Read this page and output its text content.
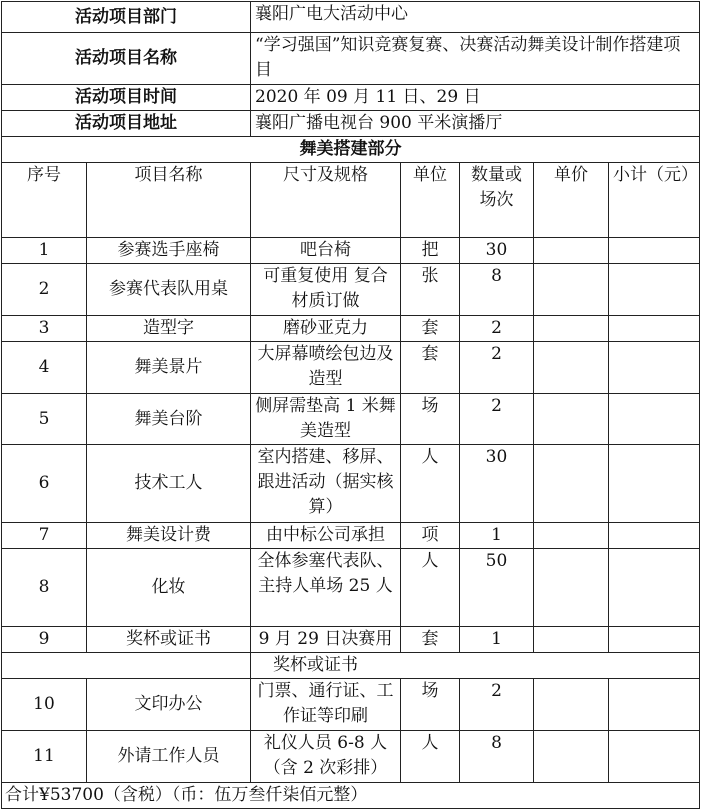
活动项目部门		襄阳广电大活动中心				
活动项目名称		“学习强国”知识竞赛复赛、决赛活动舞美设计制作搭建项目				
活动项目时间		2020 年 09 月 11 日、29 日				
活动项目地址		襄阳广播电视台 900 平米演播厅				
舞美搭建部分						
序号	项目名称	尺寸及规格	单位	数量或场次	单价	小计（元）
1	参赛选手座椅	吧台椅	把	30		
2	参赛代表队用桌	可重复使用 复合材质订做	张	8		
3	造型字	磨砂亚克力	套	2		
4	舞美景片	大屏幕喷绘包边及造型	套	2		
5	舞美台阶	侧屏需垫高 1 米舞美造型	场	2		
6	技术工人	室内搭建、移屏、跟进活动（据实核算）	人	30		
7	舞美设计费	由中标公司承担	项	1		
8	化妆	全体参塞代表队、主持人单场 25 人	人	50		
9	奖杯或证书	9 月 29 日决赛用	套	1		
		奖杯或证书				
10	文印办公	门票、通行证、工作证等印刷	场	2		
11	外请工作人员	礼仪人员 6-8 人（含 2 次彩排）	人	8		
合计¥53700（含税）（币：伍万叁仟柒佰元整）						
